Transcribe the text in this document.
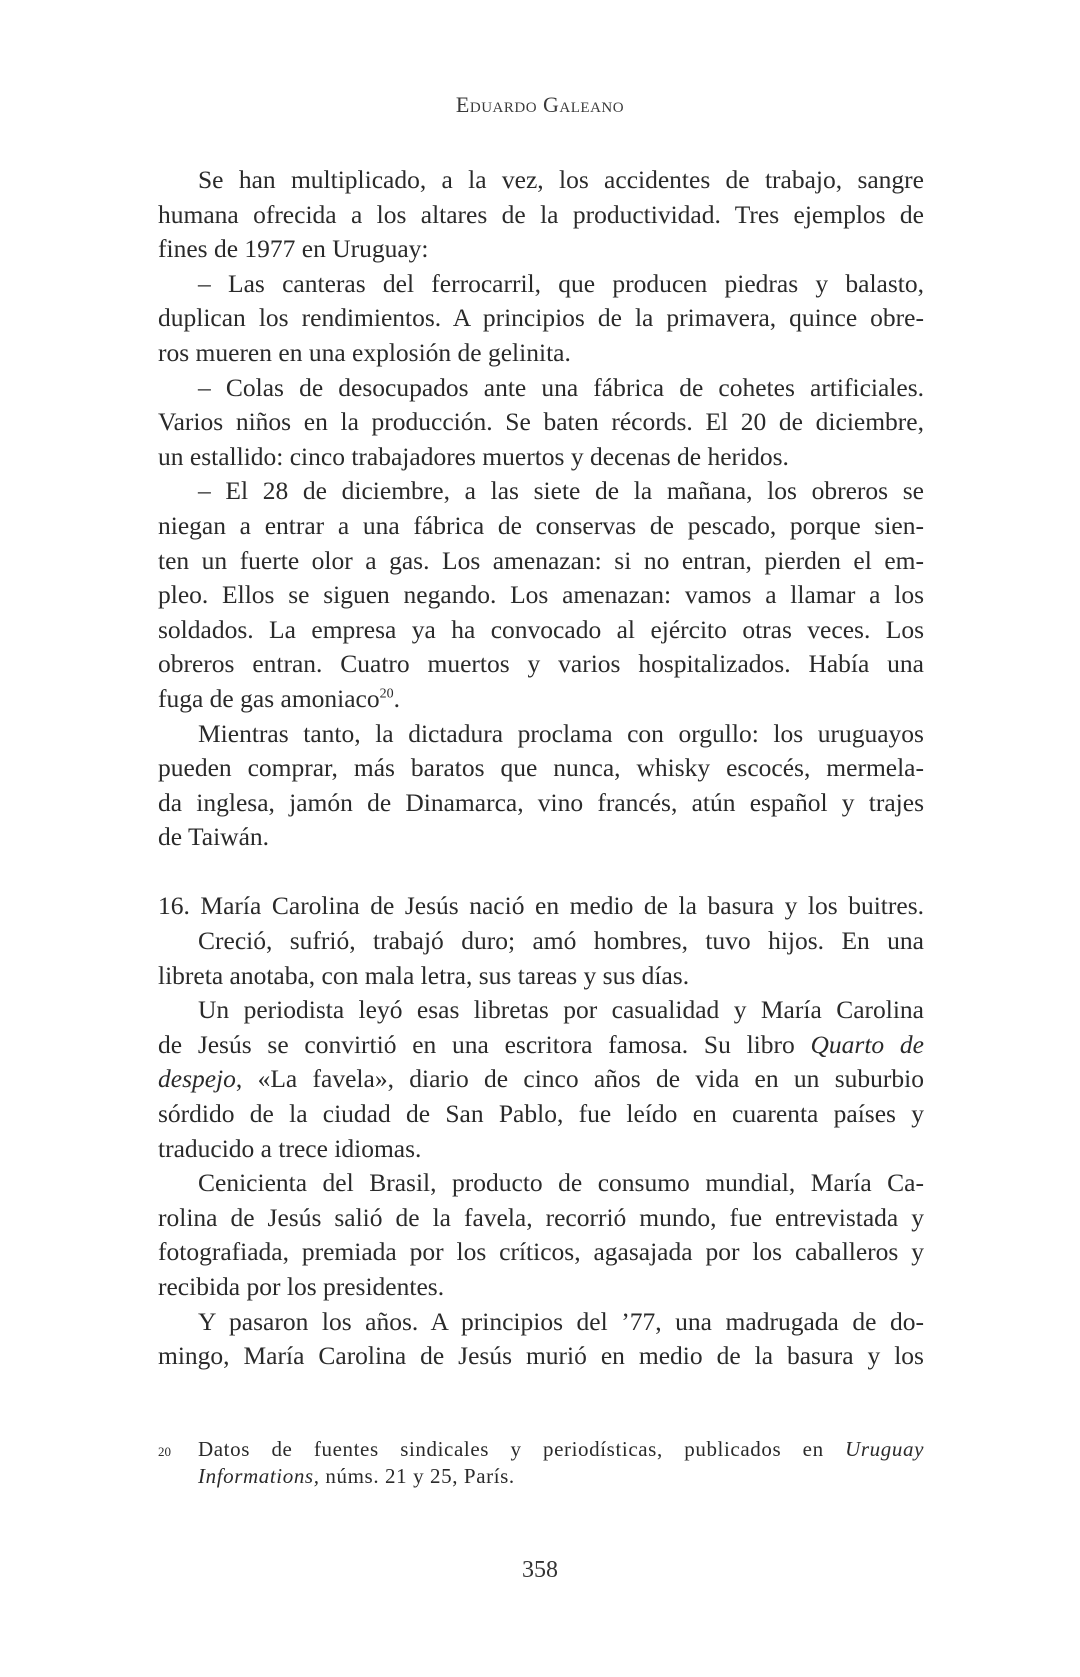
Eduardo Galeano
Se han multiplicado, a la vez, los accidentes de trabajo, sangre
humana ofrecida a los altares de la productividad. Tres ejemplos de
fines de 1977 en Uruguay:
– Las canteras del ferrocarril, que producen piedras y balasto,
duplican los rendimientos. A principios de la primavera, quince obre-
ros mueren en una explosión de gelinita.
– Colas de desocupados ante una fábrica de cohetes artificiales.
Varios niños en la producción. Se baten récords. El 20 de diciembre,
un estallido: cinco trabajadores muertos y decenas de heridos.
– El 28 de diciembre, a las siete de la mañana, los obreros se
niegan a entrar a una fábrica de conservas de pescado, porque sien-
ten un fuerte olor a gas. Los amenazan: si no entran, pierden el em-
pleo. Ellos se siguen negando. Los amenazan: vamos a llamar a los
soldados. La empresa ya ha convocado al ejército otras veces. Los
obreros entran. Cuatro muertos y varios hospitalizados. Había una
fuga de gas amoniaco$^{20}$.
Mientras tanto, la dictadura proclama con orgullo: los uruguayos
pueden comprar, más baratos que nunca, whisky escocés, mermela-
da inglesa, jamón de Dinamarca, vino francés, atún español y trajes
de Taiwán.
16. María Carolina de Jesús nació en medio de la basura y los buitres.
Creció, sufrió, trabajó duro; amó hombres, tuvo hijos. En una
libreta anotaba, con mala letra, sus tareas y sus días.
Un periodista leyó esas libretas por casualidad y María Carolina
de Jesús se convirtió en una escritora famosa. Su libro Quarto de
despejo, «La favela», diario de cinco años de vida en un suburbio
sórdido de la ciudad de San Pablo, fue leído en cuarenta países y
traducido a trece idiomas.
Cenicienta del Brasil, producto de consumo mundial, María Ca-
rolina de Jesús salió de la favela, recorrió mundo, fue entrevistada y
fotografiada, premiada por los críticos, agasajada por los caballeros y
recibida por los presidentes.
Y pasaron los años. A principios del ’77, una madrugada de do-
mingo, María Carolina de Jesús murió en medio de la basura y los
20	Datos de fuentes sindicales y periodísticas, publicados en Uruguay
Informations, núms. 21 y 25, París.
358
